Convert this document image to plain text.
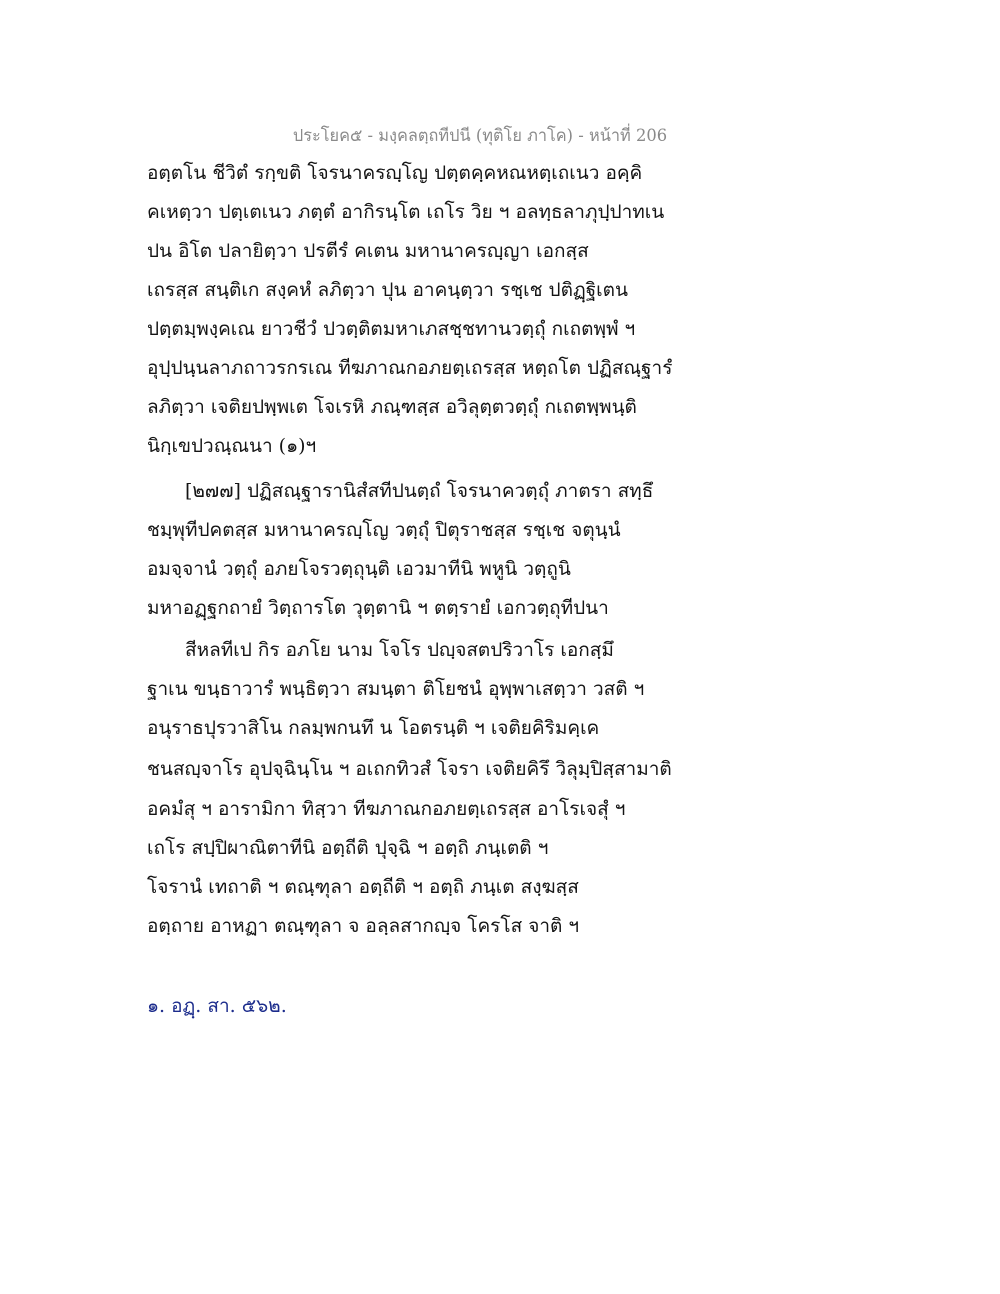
ประโยค๕ - มงฺคลตฺถทีปนี (ทุติโย ภาโค) - หน้าที่ 206
อตฺตโน ชีวิตํ รกฺขติ โจรนาครญฺโญ ปตฺตคฺคหณหตฺเถเนว อคฺคิ
คเหตฺวา ปตฺเตเนว ภตฺตํ อากิรนฺโต เถโร วิย ฯ อลทฺธลาภุปฺปาทเน
ปน อิโต ปลายิตฺวา ปรตีรํ คเตน มหานาครญฺญา เอกสฺส
เถรสฺส สนฺติเก สงฺคหํ ลภิตฺวา ปุน อาคนฺตฺวา รชฺเช ปติฏฺฐิเตน
ปตฺตมฺพงฺคเณ ยาวชีวํ ปวตฺติตมหาเภสชฺชทานวตฺถุํ กเถตพฺพํ ฯ
อุปฺปนฺนลาภถาวรกรเณ ทีฆภาณกอภยตฺเถรสฺส หตฺถโต ปฏิสณฺฐารํ
ลภิตฺวา เจติยปพฺพเต โจเรหิ ภณฺฑสฺส อวิลุตฺตวตฺถุํ กเถตพฺพนฺติ
นิกฺเขปวณฺณนา (๑)ฯ
[๒๗๗] ปฏิสณฺฐารานิสํสทีปนตฺถํ โจรนาควตฺถุํ ภาตรา สทฺธึ
ชมฺพุทีปคตสฺส มหานาครญฺโญ วตฺถุํ ปิตุราชสฺส รชฺเช จตุนฺนํ
อมจฺจานํ วตฺถุํ อภยโจรวตฺถุนฺติ เอวมาทีนิ พหูนิ วตฺถูนิ
มหาอฏฺฐกถายํ วิตฺถารโต วุตฺตานิ ฯ ตตฺรายํ เอกวตฺถุทีปนา
สีหลทีเป กิร อภโย นาม โจโร ปญฺจสตปริวาโร เอกสฺมึ
ฐาเน ขนฺธาวารํ พนฺธิตฺวา สมนฺตา ติโยชนํ อุพฺพาเสตฺวา วสติ ฯ
อนุราธปุรวาสิโน กลมฺพกนทึ น โอตรนฺติ ฯ เจติยคิริมคฺเค
ชนสญฺจาโร อุปจฺฉินฺโน ฯ อเถกทิวสํ โจรา เจติยคิรึ วิลุมฺปิสฺสามาติ
อคมํสุ ฯ อารามิกา ทิสฺวา ทีฆภาณกอภยตฺเถรสฺส อาโรเจสุํ ฯ
เถโร สปฺปิผาณิตาทีนิ อตฺถีติ ปุจฺฉิ ฯ อตฺถิ ภนฺเตติ ฯ
โจรานํ เทถาติ ฯ ตณฺฑุลา อตฺถีติ ฯ อตฺถิ ภนฺเต สงฺฆสฺส
อตฺถาย อาหฏา ตณฺฑุลา จ อลฺลสากญฺจ โครโส จาติ ฯ
๑. อฏฺ. สา. ๕๖๒.
